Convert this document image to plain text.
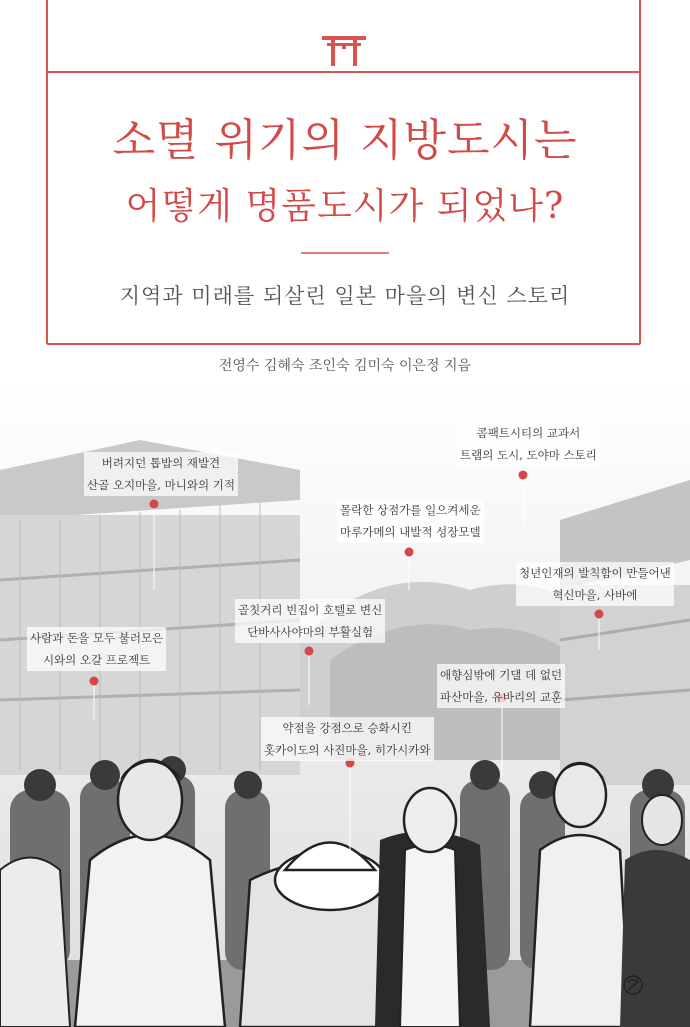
소멸 위기의 지방도시는
어떻게 명품도시가 되었나?
지역과 미래를 되살린 일본 마을의 변신 스토리
전영수 김혜숙 조인숙 김미숙 이은정 지음
버려지던 톱밥의 재발견
산골 오지마을, 마니와의 기적
콤팩트시티의 교과서
트램의 도시, 도야마 스토리
몰락한 상점가를 일으켜세운
마루가메의 내발적 성장모델
청년인재의 발칙함이 만들어낸
혁신마을, 사바에
골칫거리 빈집이 호텔로 변신
단바사사야마의 부활실험
사람과 돈을 모두 불러모은
시와의 오갈 프로젝트
애향심밖에 기댈 데 없던
파산마을, 유바리의 교훈
약점을 강점으로 승화시킨
홋카이도의 사진마을, 히가시카와
